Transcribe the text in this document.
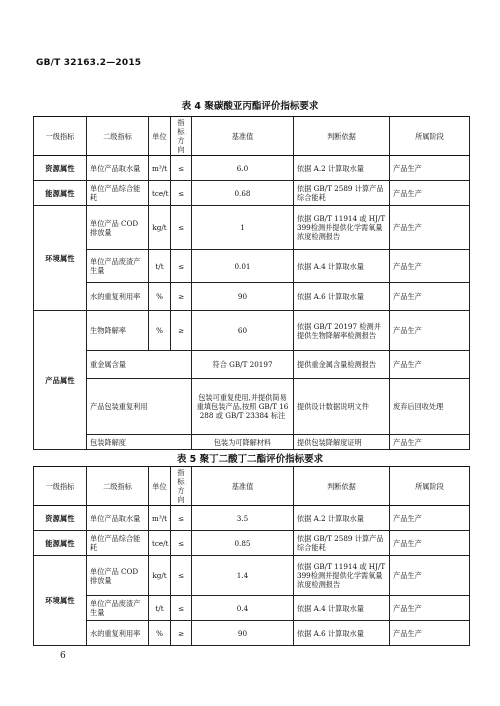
GB/T 32163.2—2015
表 4 聚碳酸亚丙酯评价指标要求
一级指标	二级指标	单位	指标方向	基准值	判断依据	所属阶段
资源属性	单位产品取水量	m³/t	≤	6.0	依据 A.2 计算取水量	产品生产
能源属性	单位产品综合能耗	tce/t	≤	0.68	依据 GB/T 2589 计算产品综合能耗	产品生产
环境属性	单位产品 COD 排放量	kg/t	≤	1	依据 GB/T 11914 或 HJ/T 399检测并提供化学需氧量浓度检测报告	产品生产
	单位产品废渣产生量	t/t	≤	0.01	依据 A.4 计算取水量	产品生产
	水的重复利用率	%	≥	90	依据 A.6 计算取水量	产品生产
产品属性	生物降解率	%	≥	60	依据 GB/T 20197 检测并提供生物降解率检测报告	产品生产
	重金属含量			符合 GB/T 20197	提供重金属含量检测报告	产品生产
	产品包装重复利用			包装可重复使用,并提供简易重填包装产品,按照 GB/T 16288 或 GB/T 23384 标注	提供设计数据说明文件	废弃后回收处理
	包装降解度			包装为可降解材料	提供包装降解度证明	产品生产
表 5 聚丁二酸丁二酯评价指标要求
一级指标	二级指标	单位	指标方向	基准值	判断依据	所属阶段
资源属性	单位产品取水量	m³/t	≤	3.5	依据 A.2 计算取水量	产品生产
能源属性	单位产品综合能耗	tce/t	≤	0.85	依据 GB/T 2589 计算产品综合能耗	产品生产
环境属性	单位产品 COD 排放量	kg/t	≤	1.4	依据 GB/T 11914 或 HJ/T 399检测并提供化学需氧量浓度检测报告	产品生产
	单位产品废渣产生量	t/t	≤	0.4	依据 A.4 计算取水量	产品生产
	水的重复利用率	%	≥	90	依据 A.6 计算取水量	产品生产
6
